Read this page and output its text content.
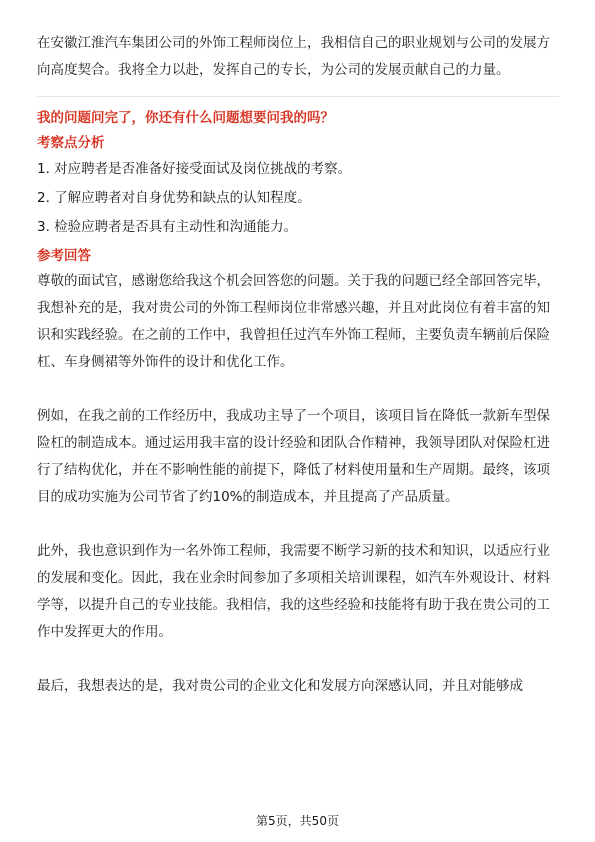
在安徽江淮汽车集团公司的外饰工程师岗位上，我相信自己的职业规划与公司的发展方向高度契合。我将全力以赴，发挥自己的专长，为公司的发展贡献自己的力量。

我的问题问完了，你还有什么问题想要问我的吗？
考察点分析
1. 对应聘者是否准备好接受面试及岗位挑战的考察。
2. 了解应聘者对自身优势和缺点的认知程度。
3. 检验应聘者是否具有主动性和沟通能力。
参考回答

尊敬的面试官，感谢您给我这个机会回答您的问题。关于我的问题已经全部回答完毕，我想补充的是，我对贵公司的外饰工程师岗位非常感兴趣，并且对此岗位有着丰富的知识和实践经验。在之前的工作中，我曾担任过汽车外饰工程师，主要负责车辆前后保险杠、车身侧裙等外饰件的设计和优化工作。

例如，在我之前的工作经历中，我成功主导了一个项目，该项目旨在降低一款新车型保险杠的制造成本。通过运用我丰富的设计经验和团队合作精神，我领导团队对保险杠进行了结构优化，并在不影响性能的前提下，降低了材料使用量和生产周期。最终，该项目的成功实施为公司节省了约10%的制造成本，并且提高了产品质量。

此外，我也意识到作为一名外饰工程师，我需要不断学习新的技术和知识，以适应行业的发展和变化。因此，我在业余时间参加了多项相关培训课程，如汽车外观设计、材料学等，以提升自己的专业技能。我相信，我的这些经验和技能将有助于我在贵公司的工作中发挥更大的作用。

最后，我想表达的是，我对贵公司的企业文化和发展方向深感认同，并且对能够成

第5页，共50页
